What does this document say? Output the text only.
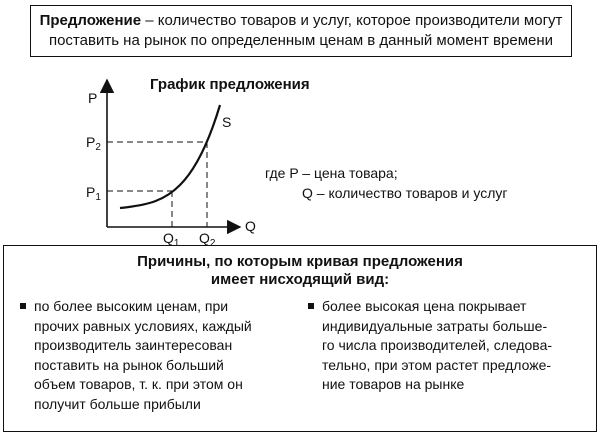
Предложение – количество товаров и услуг, которое производители могут
поставить на рынок по определенным ценам в данный момент времени
График предложения
P
Q
S
$P_2$
$P_1$
$Q_1$ $Q_2$
где P – цена товара;
Q – количество товаров и услуг
Причины, по которым кривая предложения
имеет нисходящий вид:
по более высоким ценам, при
прочих равных условиях, каждый
производитель заинтересован
поставить на рынок больший
объем товаров, т. к. при этом он
получит больше прибыли
более высокая цена покрывает
индивидуальные затраты больше-
го числа производителей, следова-
тельно, при этом растет предложе-
ние товаров на рынке
